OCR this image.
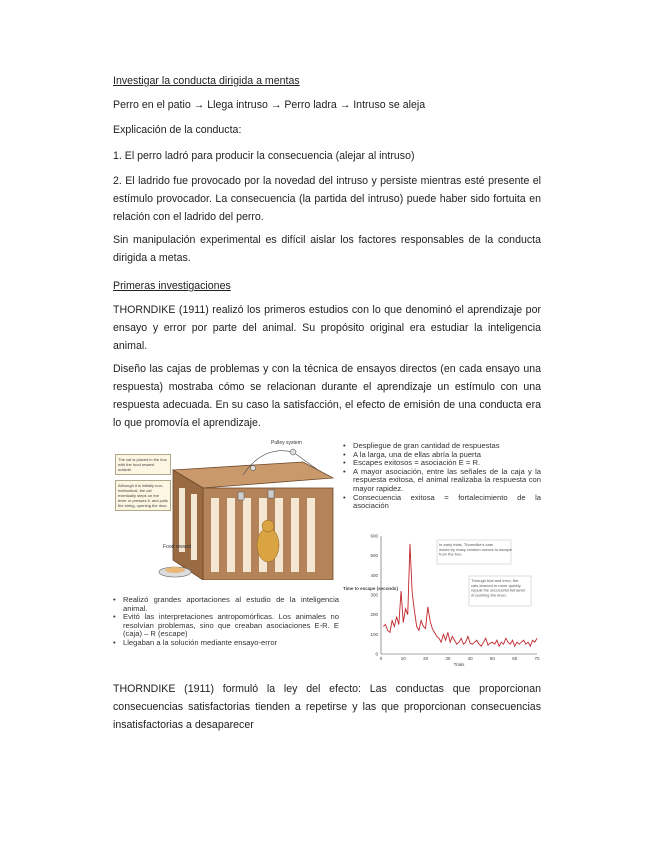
Investigar la conducta dirigida a mentas

Perro en el patio → Llega intruso → Perro ladra → Intruso se aleja

Explicación de la conducta:

1. El perro ladró para producir la consecuencia (alejar al intruso)

2. El ladrido fue provocado por la novedad del intruso y persiste mientras esté presente el estímulo provocador. La consecuencia (la partida del intruso) puede haber sido fortuita en relación con el ladrido del perro.

Sin manipulación experimental es difícil aislar los factores responsables de la conducta dirigida a metas.

Primeras investigaciones

THORNDIKE (1911) realizó los primeros estudios con lo que denominó el aprendizaje por ensayo y error por parte del animal. Su propósito original era estudiar la inteligencia animal.

Diseño las cajas de problemas y con la técnica de ensayos directos (en cada ensayo una respuesta) mostraba cómo se relacionan durante el aprendizaje un estímulo con una respuesta adecuada. En su caso la satisfacción, el efecto de emisión de una conducta era lo que promovía el aprendizaje.

Pulley system
Food reward
The cat is placed in the box with the food reward outside.
Although it is initially non-methodical, the cat eventually steps on the lever or presses it, and pulls the string, opening the door.
• Despliegue de gran cantidad de respuestas
• A la larga, una de ellas abría la puerta
• Escapes exitosos = asociación E = R.
• A mayor asociación, entre las señales de la caja y la respuesta exitosa, el animal realizaba la respuesta con mayor rapidez.
• Consecuencia exitosa = fortalecimiento de la asociación
• Realizó grandes aportaciones al estudio de la inteligencia animal.
• Evitó las interpretaciones antropomórficas. Los animales no resolvían problemas, sino que creaban asociaciones E-R. E (caja) – R (escape)
• Llegaban a la solución mediante ensayo-error
0
100
200
300
400
500
600
0	10	20	30	40	50	60	70
Trials
Time to escape (seconds)
In early trials, Thorndike's cats would try many random moves to escape from the box.
Through trial and error, the cats learned to more quickly repeat the successful behavior of pushing the lever.

THORNDIKE (1911) formuló la ley del efecto: Las conductas que proporcionan consecuencias satisfactorias tienden a repetirse y las que proporcionan consecuencias insatisfactorias a desaparecer
